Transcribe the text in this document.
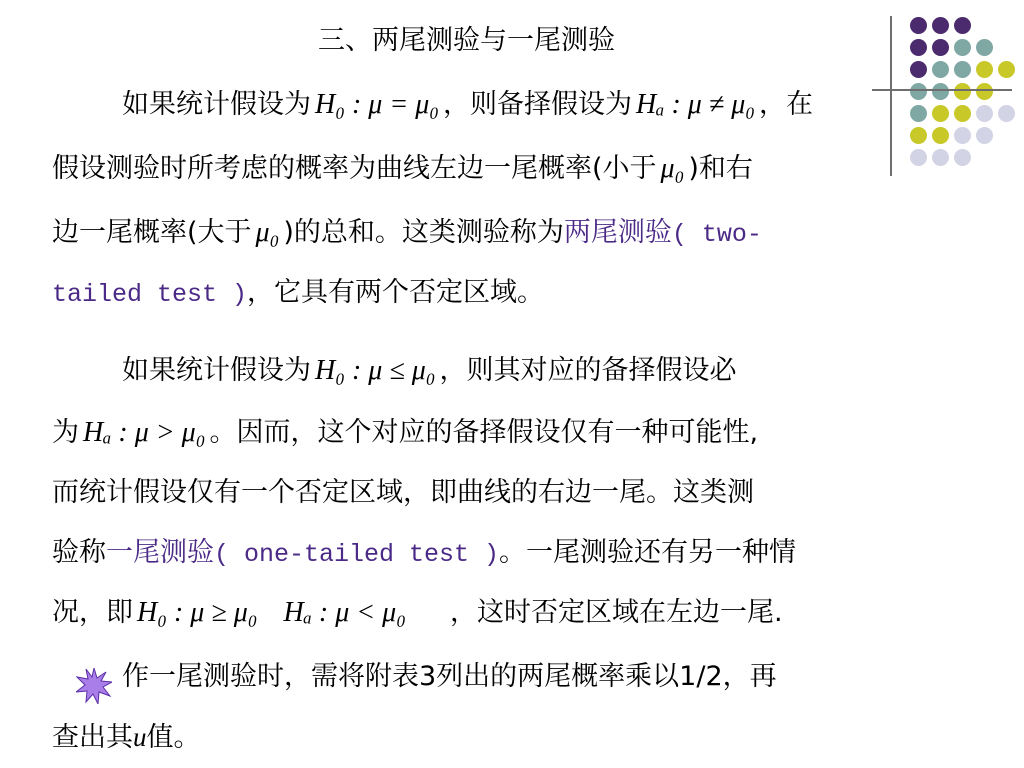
三、两尾测验与一尾测验
如果统计假设为 H₀ : μ = μ₀ ，则备择假设为 Hₐ : μ ≠ μ₀ ，在
假设测验时所考虑的概率为曲线左边一尾概率(小于 μ₀ )和右
边一尾概率(大于 μ₀ )的总和。这类测验称为两尾测验( two-
tailed test )，它具有两个否定区域。
如果统计假设为 H₀ : μ ≤ μ₀ ，则其对应的备择假设必
为 Hₐ : μ > μ₀ 。因而，这个对应的备择假设仅有一种可能性,
而统计假设仅有一个否定区域，即曲线的右边一尾。这类测
验称一尾测验( one-tailed test )。一尾测验还有另一种情
况，即 H₀ : μ ≥ μ₀ Hₐ : μ < μ₀ ，这时否定区域在左边一尾.
作一尾测验时，需将附表3列出的两尾概率乘以1/2，再
查出其u值。
